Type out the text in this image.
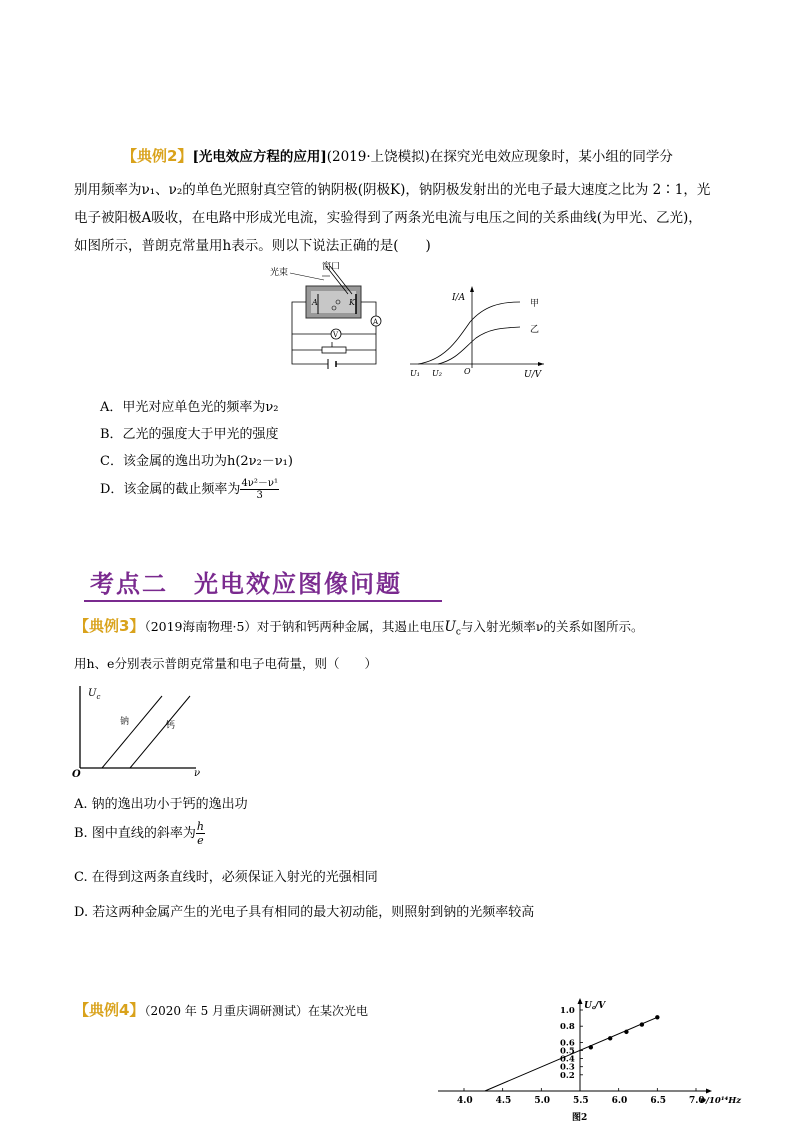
【典例2】[光电效应方程的应用](2019·上饶模拟)在探究光电效应现象时，某小组的同学分
别用频率为ν₁、ν₂的单色光照射真空管的钠阴极(阴极K)，钠阴极发射出的光电子最大速度之比为 2∶1，光
电子被阳极A吸收，在电路中形成光电流，实验得到了两条光电流与电压之间的关系曲线(为甲光、乙光)，
如图所示，普朗克常量用h表示。则以下说法正确的是(　　)
光束
窗口
A	K
V
A
I/A
U/V
U₁ U₂	O
甲
乙
A．甲光对应单色光的频率为ν₂
B．乙光的强度大于甲光的强度
C．该金属的逸出功为h(2ν₂－ν₁)
D．该金属的截止频率为 $\frac{\text{4ν²－ν¹}}{3}$
考点二　光电效应图像问题
【典例3】（2019海南物理·5）对于钠和钙两种金属，其遏止电压$U_c$与入射光频率ν的关系如图所示。
用h、e分别表示普朗克常量和电子电荷量，则（　　）
$U_c$
ν
O
钠	钙
A. 钠的逸出功小于钙的逸出功
B. 图中直线的斜率为 $\frac{h}{e}$
C. 在得到这两条直线时，必须保证入射光的光强相同
D. 若这两种金属产生的光电子具有相同的最大初动能，则照射到钠的光频率较高
【典例4】（2020 年 5 月重庆调研测试）在某次光电
4.0	4.5	5.0	5.5	6.0	6.5	7.0
0.2
0.3
0.4
0.5
0.6
0.8
1.0
ν/10¹⁴Hz
U꜀/V
图2
